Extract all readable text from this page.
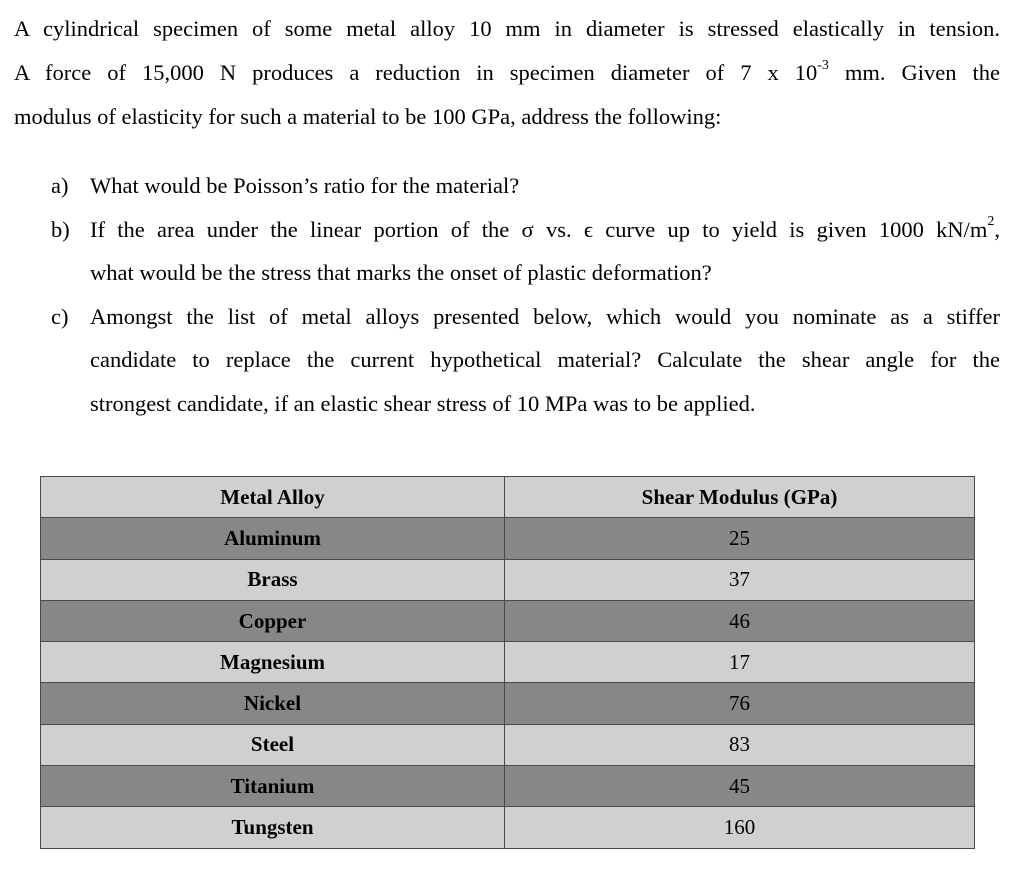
A cylindrical specimen of some metal alloy 10 mm in diameter is stressed elastically in tension.
A force of 15,000 N produces a reduction in specimen diameter of 7 x $10^{-3}$ mm. Given the
modulus of elasticity for such a material to be 100 GPa, address the following:
a) What would be Poisson’s ratio for the material?
b) If the area under the linear portion of the σ vs. ϵ curve up to yield is given 1000 $kN/m^2$,
what would be the stress that marks the onset of plastic deformation?
c) Amongst the list of metal alloys presented below, which would you nominate as a stiffer
candidate to replace the current hypothetical material? Calculate the shear angle for the
strongest candidate, if an elastic shear stress of 10 MPa was to be applied.
Metal Alloy	Shear Modulus (GPa)
Aluminum	25
Brass	37
Copper	46
Magnesium	17
Nickel	76
Steel	83
Titanium	45
Tungsten	160
